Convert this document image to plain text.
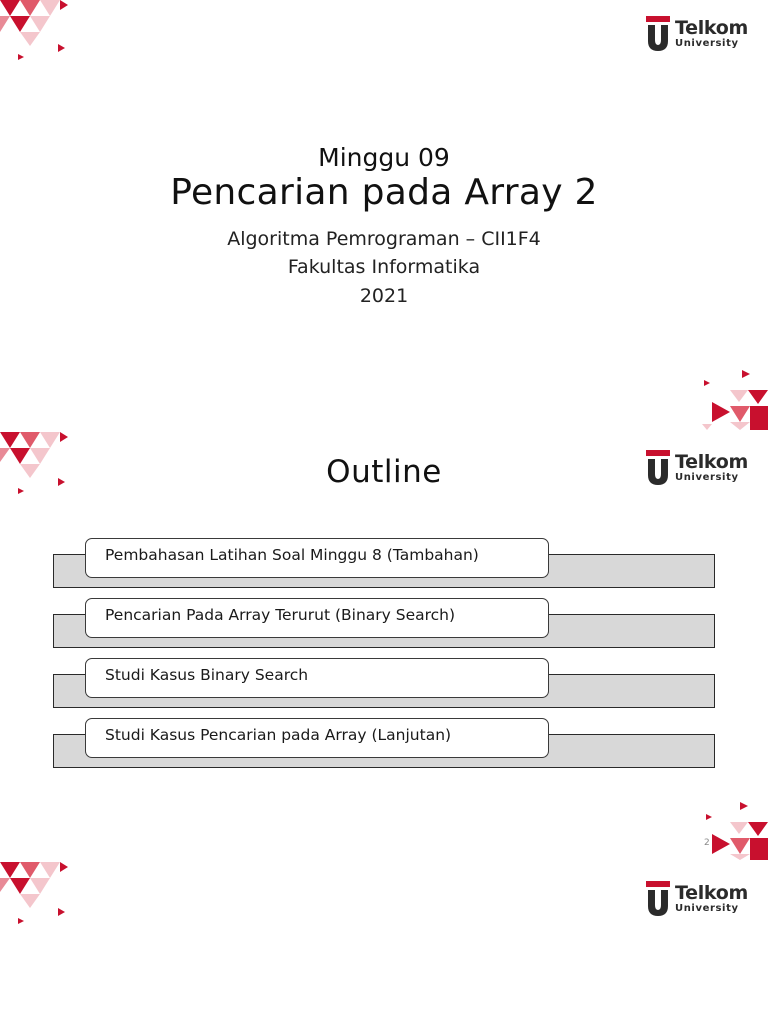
Telkom
University
Minggu 09
Pencarian pada Array 2
Algoritma Pemrograman – CII1F4
Fakultas Informatika
2021
Telkom
University
Outline
Pembahasan Latihan Soal Minggu 8 (Tambahan)
Pencarian Pada Array Terurut (Binary Search)
Studi Kasus Binary Search
Studi Kasus Pencarian pada Array (Lanjutan)
2
Telkom
University
